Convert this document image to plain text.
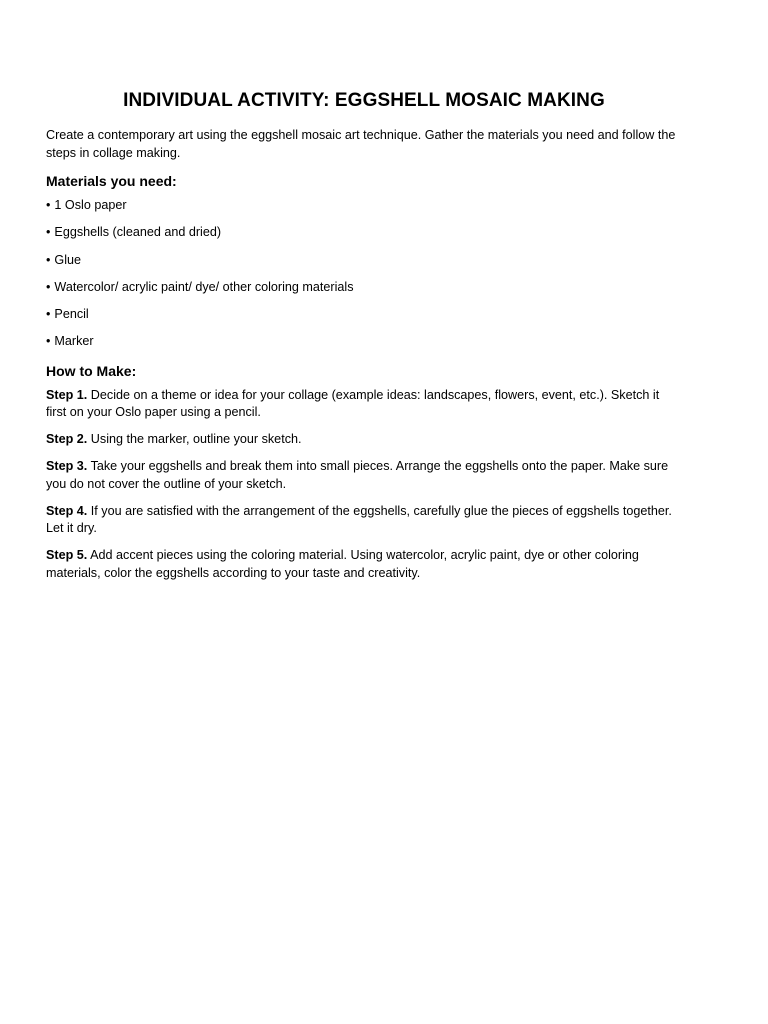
INDIVIDUAL ACTIVITY: EGGSHELL MOSAIC MAKING

Create a contemporary art using the eggshell mosaic art technique. Gather the materials you need and follow the steps in collage making.

Materials you need:
• 1 Oslo paper
• Eggshells (cleaned and dried)
• Glue
• Watercolor/ acrylic paint/ dye/ other coloring materials
• Pencil
• Marker
How to Make:
Step 1. Decide on a theme or idea for your collage (example ideas: landscapes, flowers, event, etc.). Sketch it first on your Oslo paper using a pencil.
Step 2. Using the marker, outline your sketch.
Step 3. Take your eggshells and break them into small pieces. Arrange the eggshells onto the paper. Make sure you do not cover the outline of your sketch.
Step 4. If you are satisfied with the arrangement of the eggshells, carefully glue the pieces of eggshells together. Let it dry.
Step 5. Add accent pieces using the coloring material. Using watercolor, acrylic paint, dye or other coloring materials, color the eggshells according to your taste and creativity.
